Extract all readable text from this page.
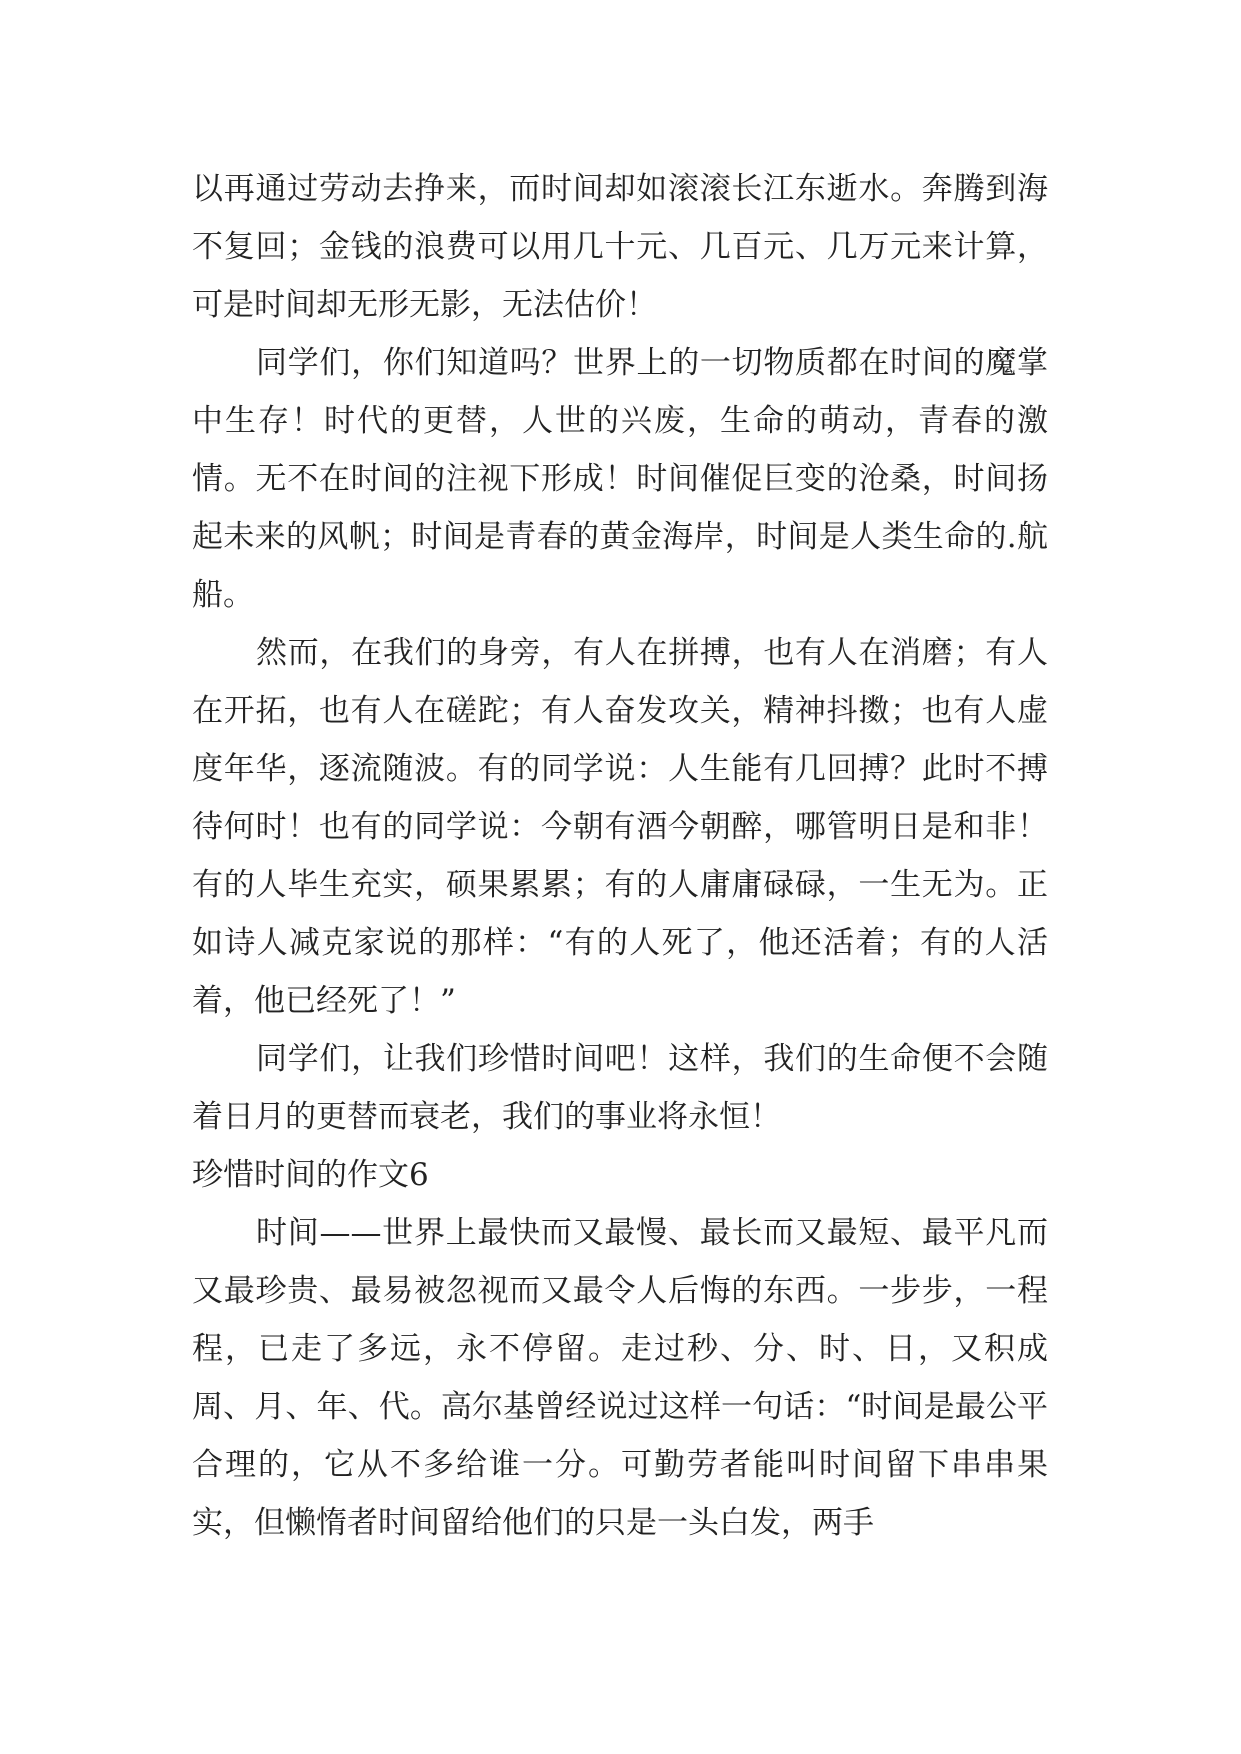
以再通过劳动去挣来，而时间却如滚滚长江东逝水。奔腾到海不复回；金钱的浪费可以用几十元、几百元、几万元来计算，可是时间却无形无影，无法估价！

同学们，你们知道吗？世界上的一切物质都在时间的魔掌中生存！时代的更替，人世的兴废，生命的萌动，青春的激情。无不在时间的注视下形成！时间催促巨变的沧桑，时间扬起未来的风帆；时间是青春的黄金海岸，时间是人类生命的.航船。

然而，在我们的身旁，有人在拼搏，也有人在消磨；有人在开拓，也有人在磋跎；有人奋发攻关，精神抖擞；也有人虚度年华，逐流随波。有的同学说：人生能有几回搏？此时不搏待何时！也有的同学说：今朝有酒今朝醉，哪管明日是和非！有的人毕生充实，硕果累累；有的人庸庸碌碌，一生无为。正如诗人减克家说的那样：“有的人死了，他还活着；有的人活着，他已经死了！”

同学们，让我们珍惜时间吧！这样，我们的生命便不会随着日月的更替而衰老，我们的事业将永恒！

珍惜时间的作文6

时间——世界上最快而又最慢、最长而又最短、最平凡而又最珍贵、最易被忽视而又最令人后悔的东西。一步步，一程程，已走了多远，永不停留。走过秒、分、时、日，又积成周、月、年、代。高尔基曾经说过这样一句话：“时间是最公平合理的，它从不多给谁一分。可勤劳者能叫时间留下串串果实，但懒惰者时间留给他们的只是一头白发，两手
